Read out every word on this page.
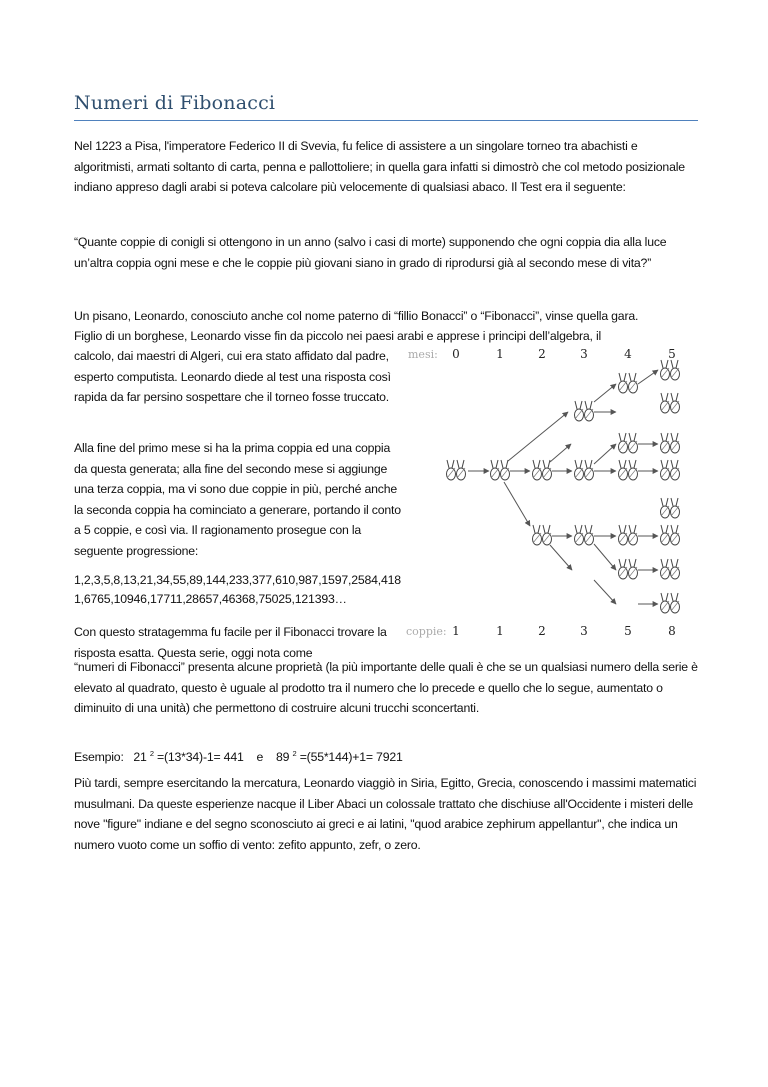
Numeri di Fibonacci
Nel 1223 a Pisa, l'imperatore Federico II di Svevia, fu felice di assistere a un singolare torneo tra abachisti e algoritmisti, armati soltanto di carta, penna e pallottoliere; in quella gara infatti si dimostrò che col metodo posizionale indiano appreso dagli arabi si poteva calcolare più velocemente di qualsiasi abaco. Il Test era il seguente:
“Quante coppie di conigli si ottengono in un anno (salvo i casi di morte) supponendo che ogni coppia dia alla luce un’altra coppia ogni mese e che le coppie più giovani siano in grado di riprodursi già al secondo mese di vita?”
Un pisano, Leonardo, conosciuto anche col nome paterno di “fillio Bonacci” o “Fibonacci”, vinse quella gara.
Figlio di un borghese, Leonardo visse fin da piccolo nei paesi arabi e apprese i principi dell’algebra, il
calcolo, dai maestri di Algeri, cui era stato affidato dal padre, esperto computista. Leonardo diede al test una risposta così rapida da far persino sospettare che il torneo fosse truccato.
Alla fine del primo mese si ha la prima coppia ed una coppia da questa generata; alla fine del secondo mese si aggiunge una terza coppia, ma vi sono due coppie in più, perché anche la seconda coppia ha cominciato a generare, portando il conto a 5 coppie, e così via. Il ragionamento prosegue con la seguente progressione:
1,2,3,5,8,13,21,34,55,89,144,233,377,610,987,1597,2584,4181,6765,10946,17711,28657,46368,75025,121393…
Con questo stratagemma fu facile per il Fibonacci trovare la risposta esatta. Questa serie, oggi nota come
“numeri di Fibonacci” presenta alcune proprietà (la più importante delle quali è che se un qualsiasi numero della serie è elevato al quadrato, questo è uguale al prodotto tra il numero che lo precede e quello che lo segue, aumentato o diminuito di una unità) che permettono di costruire alcuni trucchi sconcertanti.
Esempio: 21 $^2$ =(13*34)-1= 441 e 89 $^2$ =(55*144)+1= 7921
Più tardi, sempre esercitando la mercatura, Leonardo viaggiò in Siria, Egitto, Grecia, conoscendo i massimi matematici musulmani. Da queste esperienze nacque il Liber Abaci un colossale trattato che dischiuse all'Occidente i misteri delle nove "figure" indiane e del segno sconosciuto ai greci e ai latini, "quod arabice zephirum appellantur", che indica un numero vuoto come un soffio di vento: zefito appunto, zefr, o zero.
mesi: 0	1	2	3	4	5
coppie: 1	1	2	3	5	8
